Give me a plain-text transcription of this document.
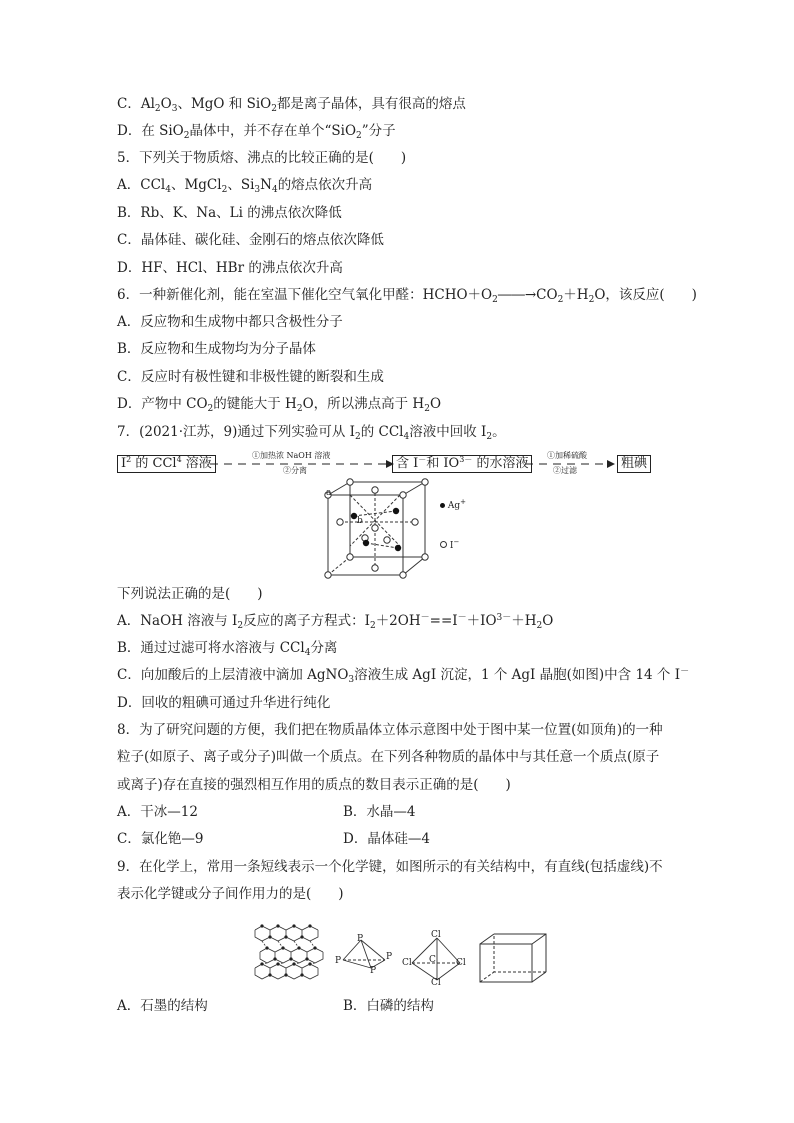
C．$Al_2O_3$、MgO 和 SiO$_2$都是离子晶体，具有很高的熔点
D．在 SiO$_2$晶体中，并不存在单个“SiO$_2$”分子
5．下列关于物质熔、沸点的比较正确的是(　　)
A．CCl$_4$、MgCl$_2$、$Si_3N_4$的熔点依次升高
B．Rb、K、Na、Li 的沸点依次降低
C．晶体硅、碳化硅、金刚石的熔点依次降低
D．HF、HCl、HBr 的沸点依次升高
6．一种新催化剂，能在室温下催化空气氧化甲醛：$HCHO+O_2――\to CO_2+H_2O$，该反应(　　)
A．反应物和生成物中都只含极性分子
B．反应物和生成物均为分子晶体
C．反应时有极性键和非极性键的断裂和生成
D．产物中 $CO_2$的键能大于 $H_2O$，所以沸点高于 $H_2O$
7．(2021·江苏，9)通过下列实验可从 $I_2$的 CCl$_4$溶液中回收 $I_2$。
$I^2$ 的 CCl$^4$ 溶液
①加热浓 NaOH 溶液
②分离	含 I－和 $IO^{3-}$ 的水溶液
①加稀硫酸
②过滤	粗碘
a
b
Ag+
I−
下列说法正确的是(　　)
A．NaOH 溶液与 $I_2$反应的离子方程式：$I_2+2OH^-==I^-+IO^{3-}+H_2O$
B．通过过滤可将水溶液与 CCl$_4$分离
C．向加酸后的上层清液中滴加 AgNO$_3$溶液生成 AgI 沉淀，1 个 AgI 晶胞(如图)中含 14 个 I－
D．回收的粗碘可通过升华进行纯化
8．为了研究问题的方便，我们把在物质晶体立体示意图中处于图中某一位置(如顶角)的一种
粒子(如原子、离子或分子)叫做一个质点。在下列各种物质的晶体中与其任意一个质点(原子
或离子)存在直接的强烈相互作用的质点的数目表示正确的是(　　)
A．干冰—12	B．水晶—4
C．氯化铯—9	D．晶体硅—4
9．在化学上，常用一条短线表示一个化学键，如图所示的有关结构中，有直线(包括虚线)不
表示化学键或分子间作用力的是(　　)
P
P	P
P
Cl
Cl C Cl
Cl
A．石墨的结构	B．白磷的结构
